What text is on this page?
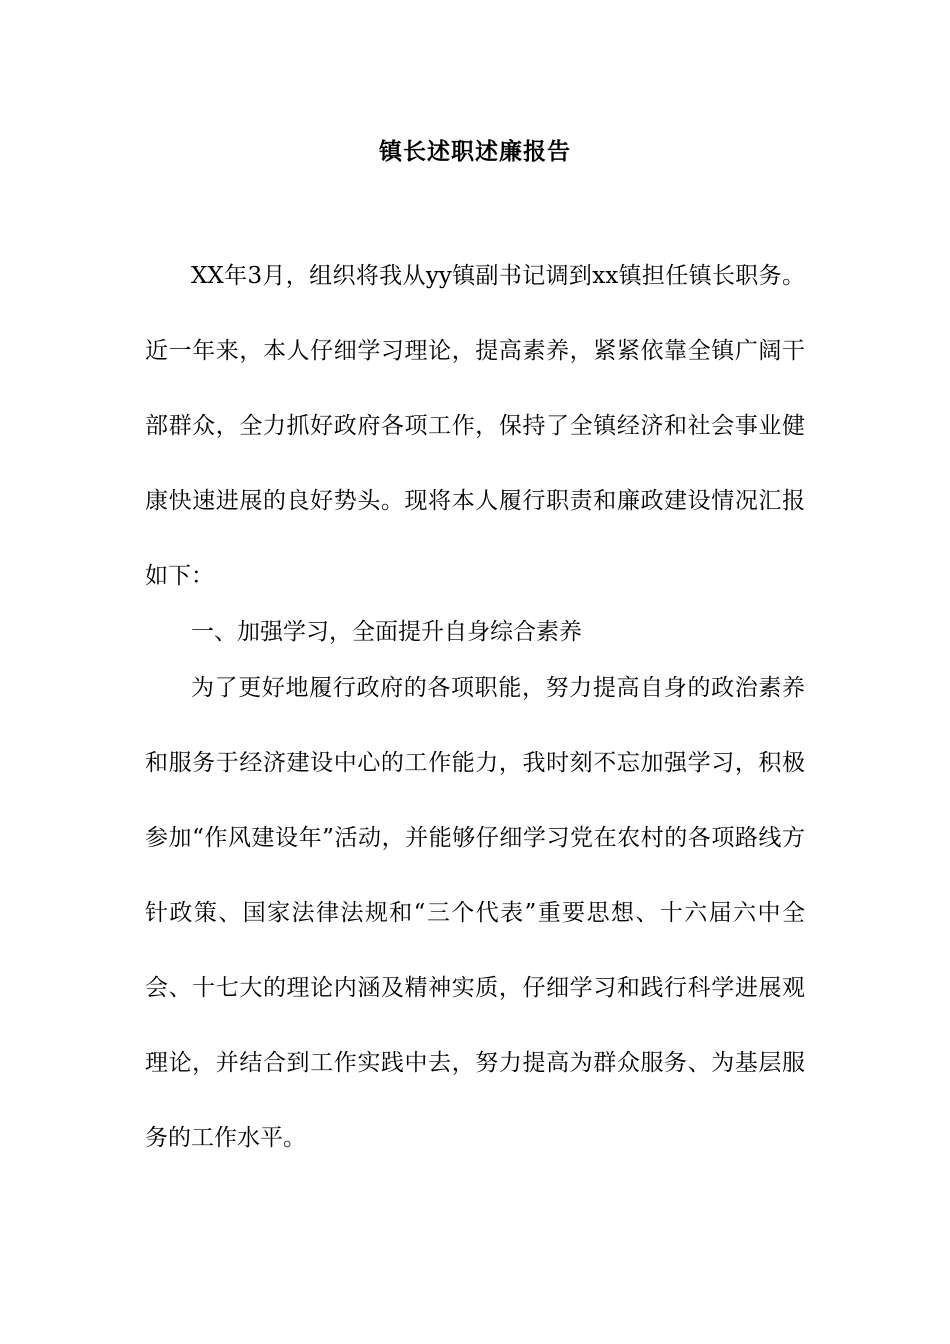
镇长述职述廉报告

XX年3月，组织将我从yy镇副书记调到xx镇担任镇长职务。近一年来，本人仔细学习理论，提高素养，紧紧依靠全镇广阔干部群众，全力抓好政府各项工作，保持了全镇经济和社会事业健康快速进展的良好势头。现将本人履行职责和廉政建设情况汇报如下：

一、加强学习，全面提升自身综合素养

为了更好地履行政府的各项职能，努力提高自身的政治素养和服务于经济建设中心的工作能力，我时刻不忘加强学习，积极参加“作风建设年”活动，并能够仔细学习党在农村的各项路线方针政策、国家法律法规和“三个代表”重要思想、十六届六中全会、十七大的理论内涵及精神实质，仔细学习和践行科学进展观理论，并结合到工作实践中去，努力提高为群众服务、为基层服务的工作水平。
